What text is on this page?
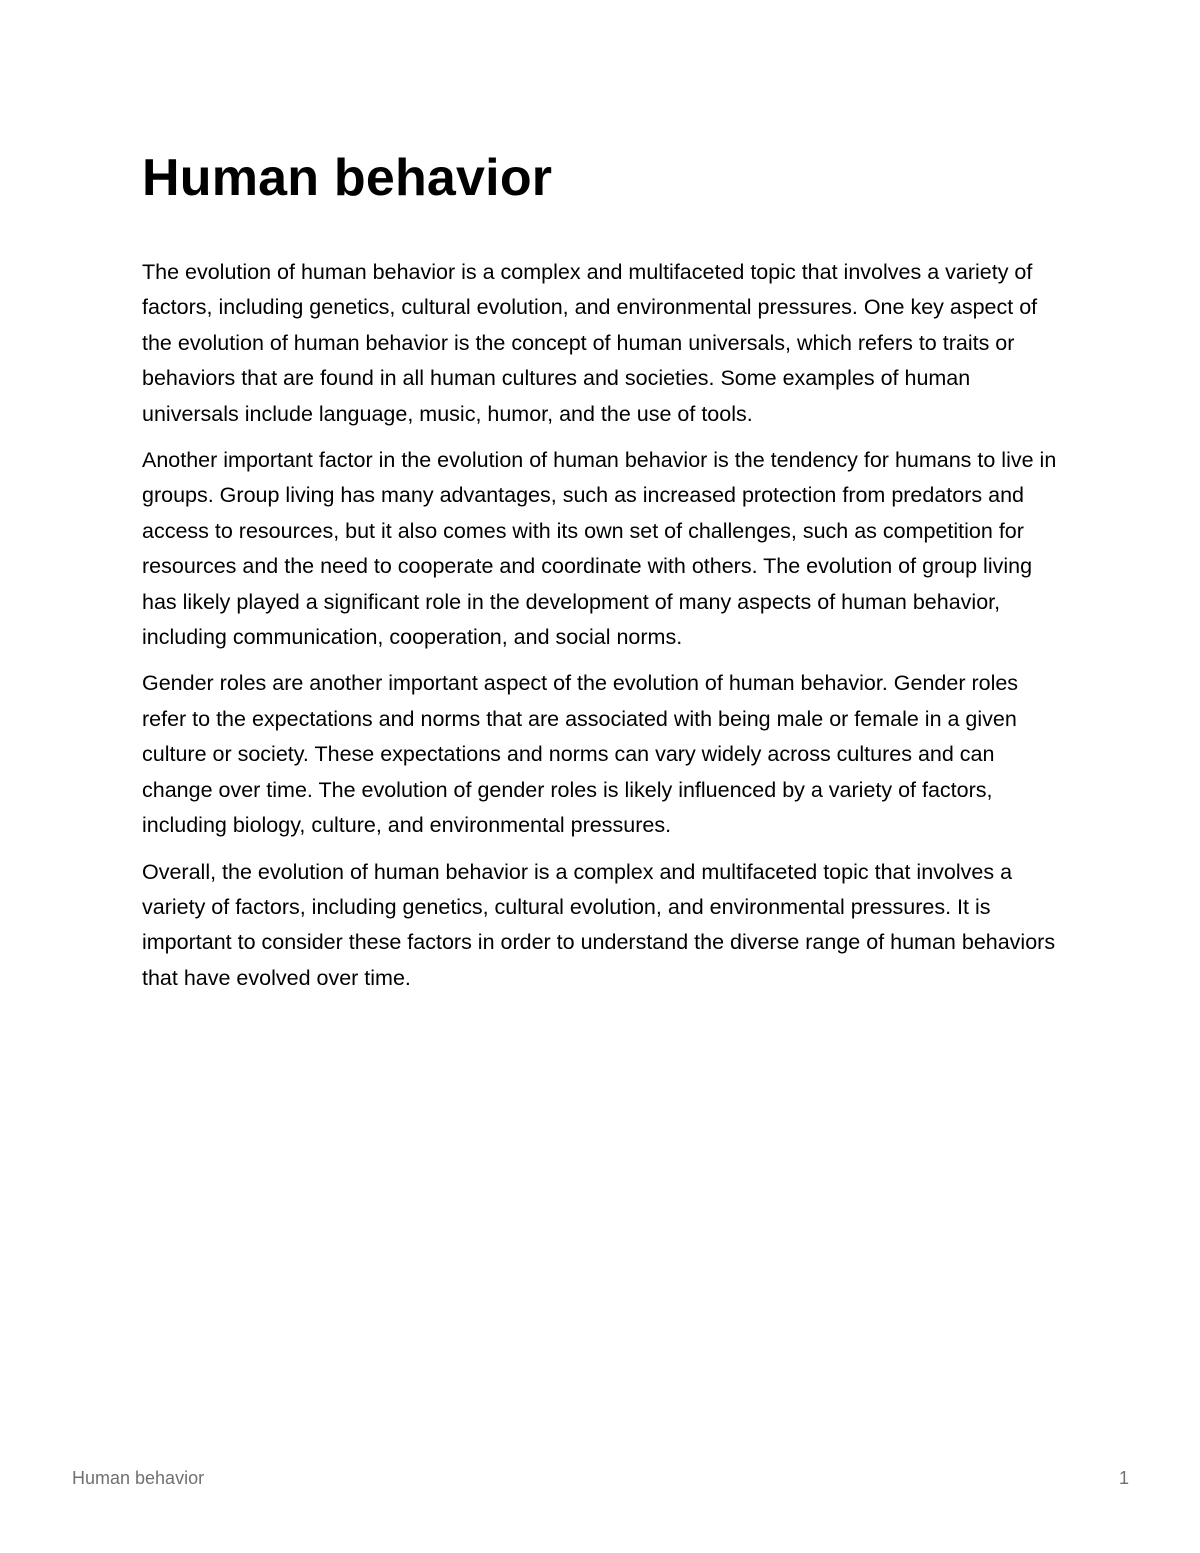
Human behavior

The evolution of human behavior is a complex and multifaceted topic that involves a variety of factors, including genetics, cultural evolution, and environmental pressures. One key aspect of the evolution of human behavior is the concept of human universals, which refers to traits or behaviors that are found in all human cultures and societies. Some examples of human universals include language, music, humor, and the use of tools.

Another important factor in the evolution of human behavior is the tendency for humans to live in groups. Group living has many advantages, such as increased protection from predators and access to resources, but it also comes with its own set of challenges, such as competition for resources and the need to cooperate and coordinate with others. The evolution of group living has likely played a significant role in the development of many aspects of human behavior, including communication, cooperation, and social norms.

Gender roles are another important aspect of the evolution of human behavior. Gender roles refer to the expectations and norms that are associated with being male or female in a given culture or society. These expectations and norms can vary widely across cultures and can change over time. The evolution of gender roles is likely influenced by a variety of factors, including biology, culture, and environmental pressures.

Overall, the evolution of human behavior is a complex and multifaceted topic that involves a variety of factors, including genetics, cultural evolution, and environmental pressures. It is important to consider these factors in order to understand the diverse range of human behaviors that have evolved over time.

Human behavior	1
